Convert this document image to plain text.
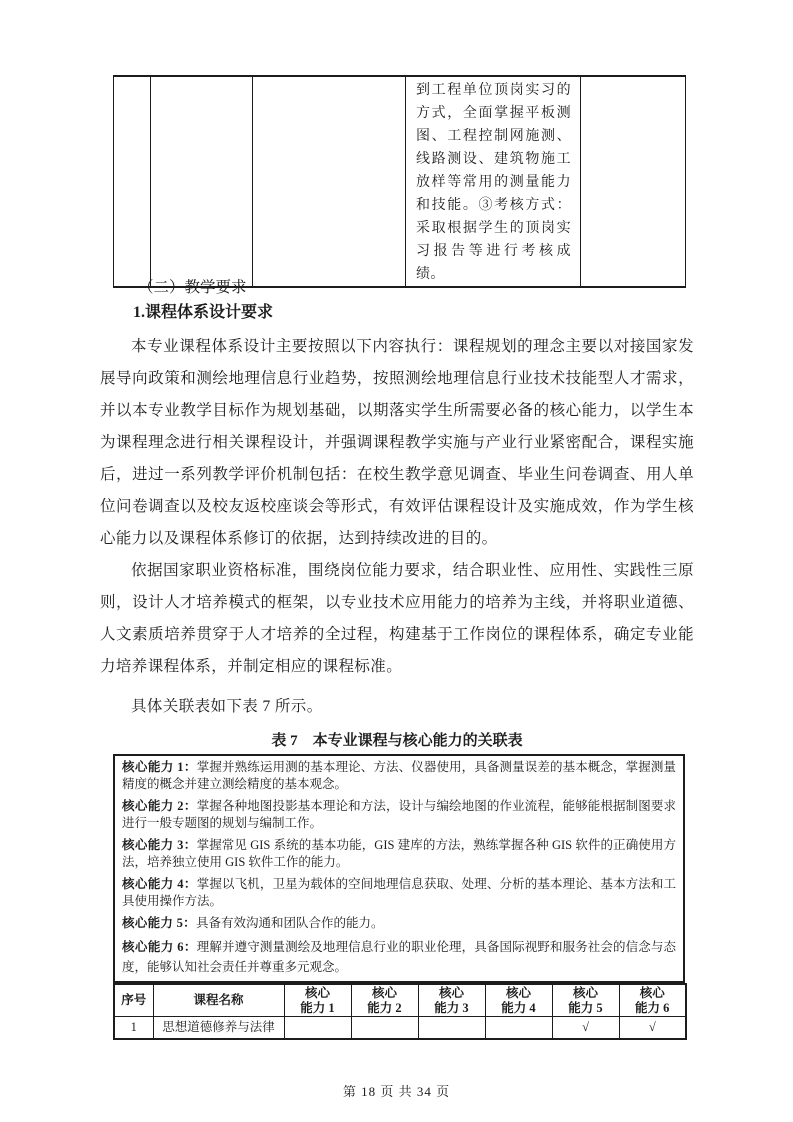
			到工程单位顶岗实习的方式，全面掌握平板测图、工程控制网施测、线路测设、建筑物施工放样等常用的测量能力和技能。③考核方式：采取根据学生的顶岗实习报告等进行考核成绩。	
（二）教学要求
1.课程体系设计要求

本专业课程体系设计主要按照以下内容执行：课程规划的理念主要以对接国家发展导向政策和测绘地理信息行业趋势，按照测绘地理信息行业技术技能型人才需求，并以本专业教学目标作为规划基础，以期落实学生所需要必备的核心能力，以学生本为课程理念进行相关课程设计，并强调课程教学实施与产业行业紧密配合，课程实施后，进过一系列教学评价机制包括：在校生教学意见调查、毕业生问卷调查、用人单位问卷调查以及校友返校座谈会等形式，有效评估课程设计及实施成效，作为学生核心能力以及课程体系修订的依据，达到持续改进的目的。

依据国家职业资格标准，围绕岗位能力要求，结合职业性、应用性、实践性三原则，设计人才培养模式的框架，以专业技术应用能力的培养为主线，并将职业道德、人文素质培养贯穿于人才培养的全过程，构建基于工作岗位的课程体系，确定专业能力培养课程体系，并制定相应的课程标准。

具体关联表如下表 7 所示。

表 7　本专业课程与核心能力的关联表

核心能力 1：掌握并熟练运用测的基本理论、方法、仪器使用，具备测量误差的基本概念，掌握测量精度的概念并建立测绘精度的基本观念。

核心能力 2：掌握各种地图投影基本理论和方法，设计与编绘地图的作业流程，能够能根据制图要求进行一般专题图的规划与编制工作。

核心能力 3：掌握常见 GIS 系统的基本功能，GIS 建库的方法，熟练掌握各种 GIS 软件的正确使用方法，培养独立使用 GIS 软件工作的能力。

核心能力 4：掌握以飞机，卫星为载体的空间地理信息获取、处理、分析的基本理论、基本方法和工具使用操作方法。

核心能力 5：具备有效沟通和团队合作的能力。

核心能力 6：理解并遵守测量测绘及地理信息行业的职业伦理，具备国际视野和服务社会的信念与态度，能够认知社会责任并尊重多元观念。

序号	课程名称	核心
能力 1	核心
能力 2	核心
能力 3	核心
能力 4	核心
能力 5	核心
能力 6

1	思想道德修养与法律					√	√
第 18 页 共 34 页
